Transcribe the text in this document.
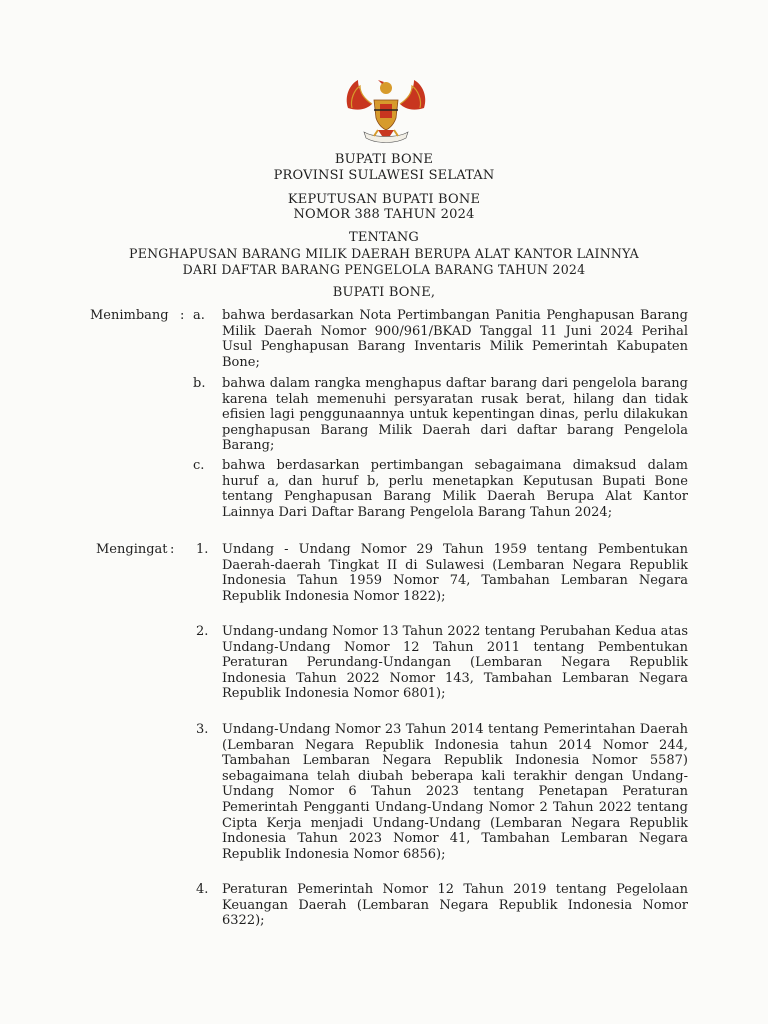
BUPATI BONE
PROVINSI SULAWESI SELATAN
KEPUTUSAN BUPATI BONE
NOMOR 388 TAHUN 2024
TENTANG
PENGHAPUSAN BARANG MILIK DAERAH BERUPA ALAT KANTOR LAINNYA
DARI DAFTAR BARANG PENGELOLA BARANG TAHUN 2024
BUPATI BONE,
Menimbang : a. bahwa berdasarkan Nota Pertimbangan Panitia Penghapusan Barang Milik Daerah Nomor 900/961/BKAD Tanggal 11 Juni 2024 Perihal Usul Penghapusan Barang Inventaris Milik Pemerintah Kabupaten Bone;

b. bahwa dalam rangka menghapus daftar barang dari pengelola barang karena telah memenuhi persyaratan rusak berat, hilang dan tidak efisien lagi penggunaannya untuk kepentingan dinas, perlu dilakukan penghapusan Barang Milik Daerah dari daftar barang Pengelola Barang;

c. bahwa berdasarkan pertimbangan sebagaimana dimaksud dalam huruf a, dan huruf b, perlu menetapkan Keputusan Bupati Bone tentang Penghapusan Barang Milik Daerah Berupa Alat Kantor Lainnya Dari Daftar Barang Pengelola Barang Tahun 2024;

Mengingat : 1. Undang - Undang Nomor 29 Tahun 1959 tentang Pembentukan Daerah-daerah Tingkat II di Sulawesi (Lembaran Negara Republik Indonesia Tahun 1959 Nomor 74, Tambahan Lembaran Negara Republik Indonesia Nomor 1822);

2. Undang-undang Nomor 13 Tahun 2022 tentang Perubahan Kedua atas Undang-Undang Nomor 12 Tahun 2011 tentang Pembentukan Peraturan Perundang-Undangan (Lembaran Negara Republik Indonesia Tahun 2022 Nomor 143, Tambahan Lembaran Negara Republik Indonesia Nomor 6801);

3. Undang-Undang Nomor 23 Tahun 2014 tentang Pemerintahan Daerah (Lembaran Negara Republik Indonesia tahun 2014 Nomor 244, Tambahan Lembaran Negara Republik Indonesia Nomor 5587) sebagaimana telah diubah beberapa kali terakhir dengan Undang-Undang Nomor 6 Tahun 2023 tentang Penetapan Peraturan Pemerintah Pengganti Undang-Undang Nomor 2 Tahun 2022 tentang Cipta Kerja menjadi Undang-Undang (Lembaran Negara Republik Indonesia Tahun 2023 Nomor 41, Tambahan Lembaran Negara Republik Indonesia Nomor 6856);

4. Peraturan Pemerintah Nomor 12 Tahun 2019 tentang Pegelolaan Keuangan Daerah (Lembaran Negara Republik Indonesia Nomor 6322);
